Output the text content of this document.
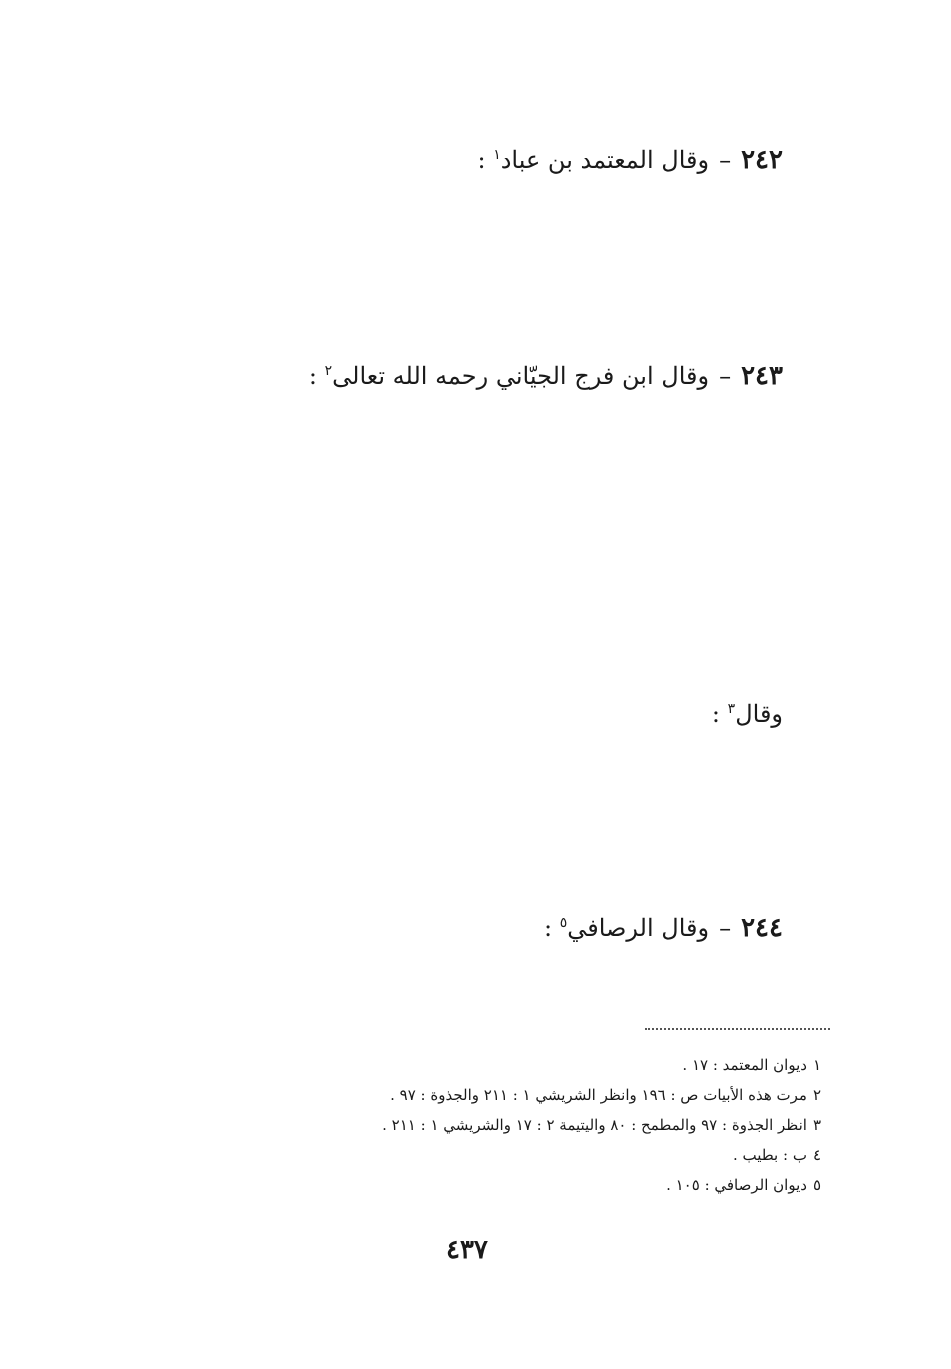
٢٤٢–وقال المعتمد بن عباد$^١$ :
٢٤٣–وقال ابن فرج الجيّاني رحمه الله تعالى$^٢$ :
وقال$^٣$ :
٢٤٤–وقال الرصافي$^٥$ :
١ديوان المعتمد : ١٧ .
٢مرت هذه الأبيات ص : ١٩٦ وانظر الشريشي ١ : ٢١١ والجذوة : ٩٧ .
٣انظر الجذوة : ٩٧ والمطمح : ٨٠ واليتيمة ٢ : ١٧ والشريشي ١ : ٢١١ .
٤ب : بطيب .
٥ديوان الرصافي : ١٠٥ .
٤٣٧
